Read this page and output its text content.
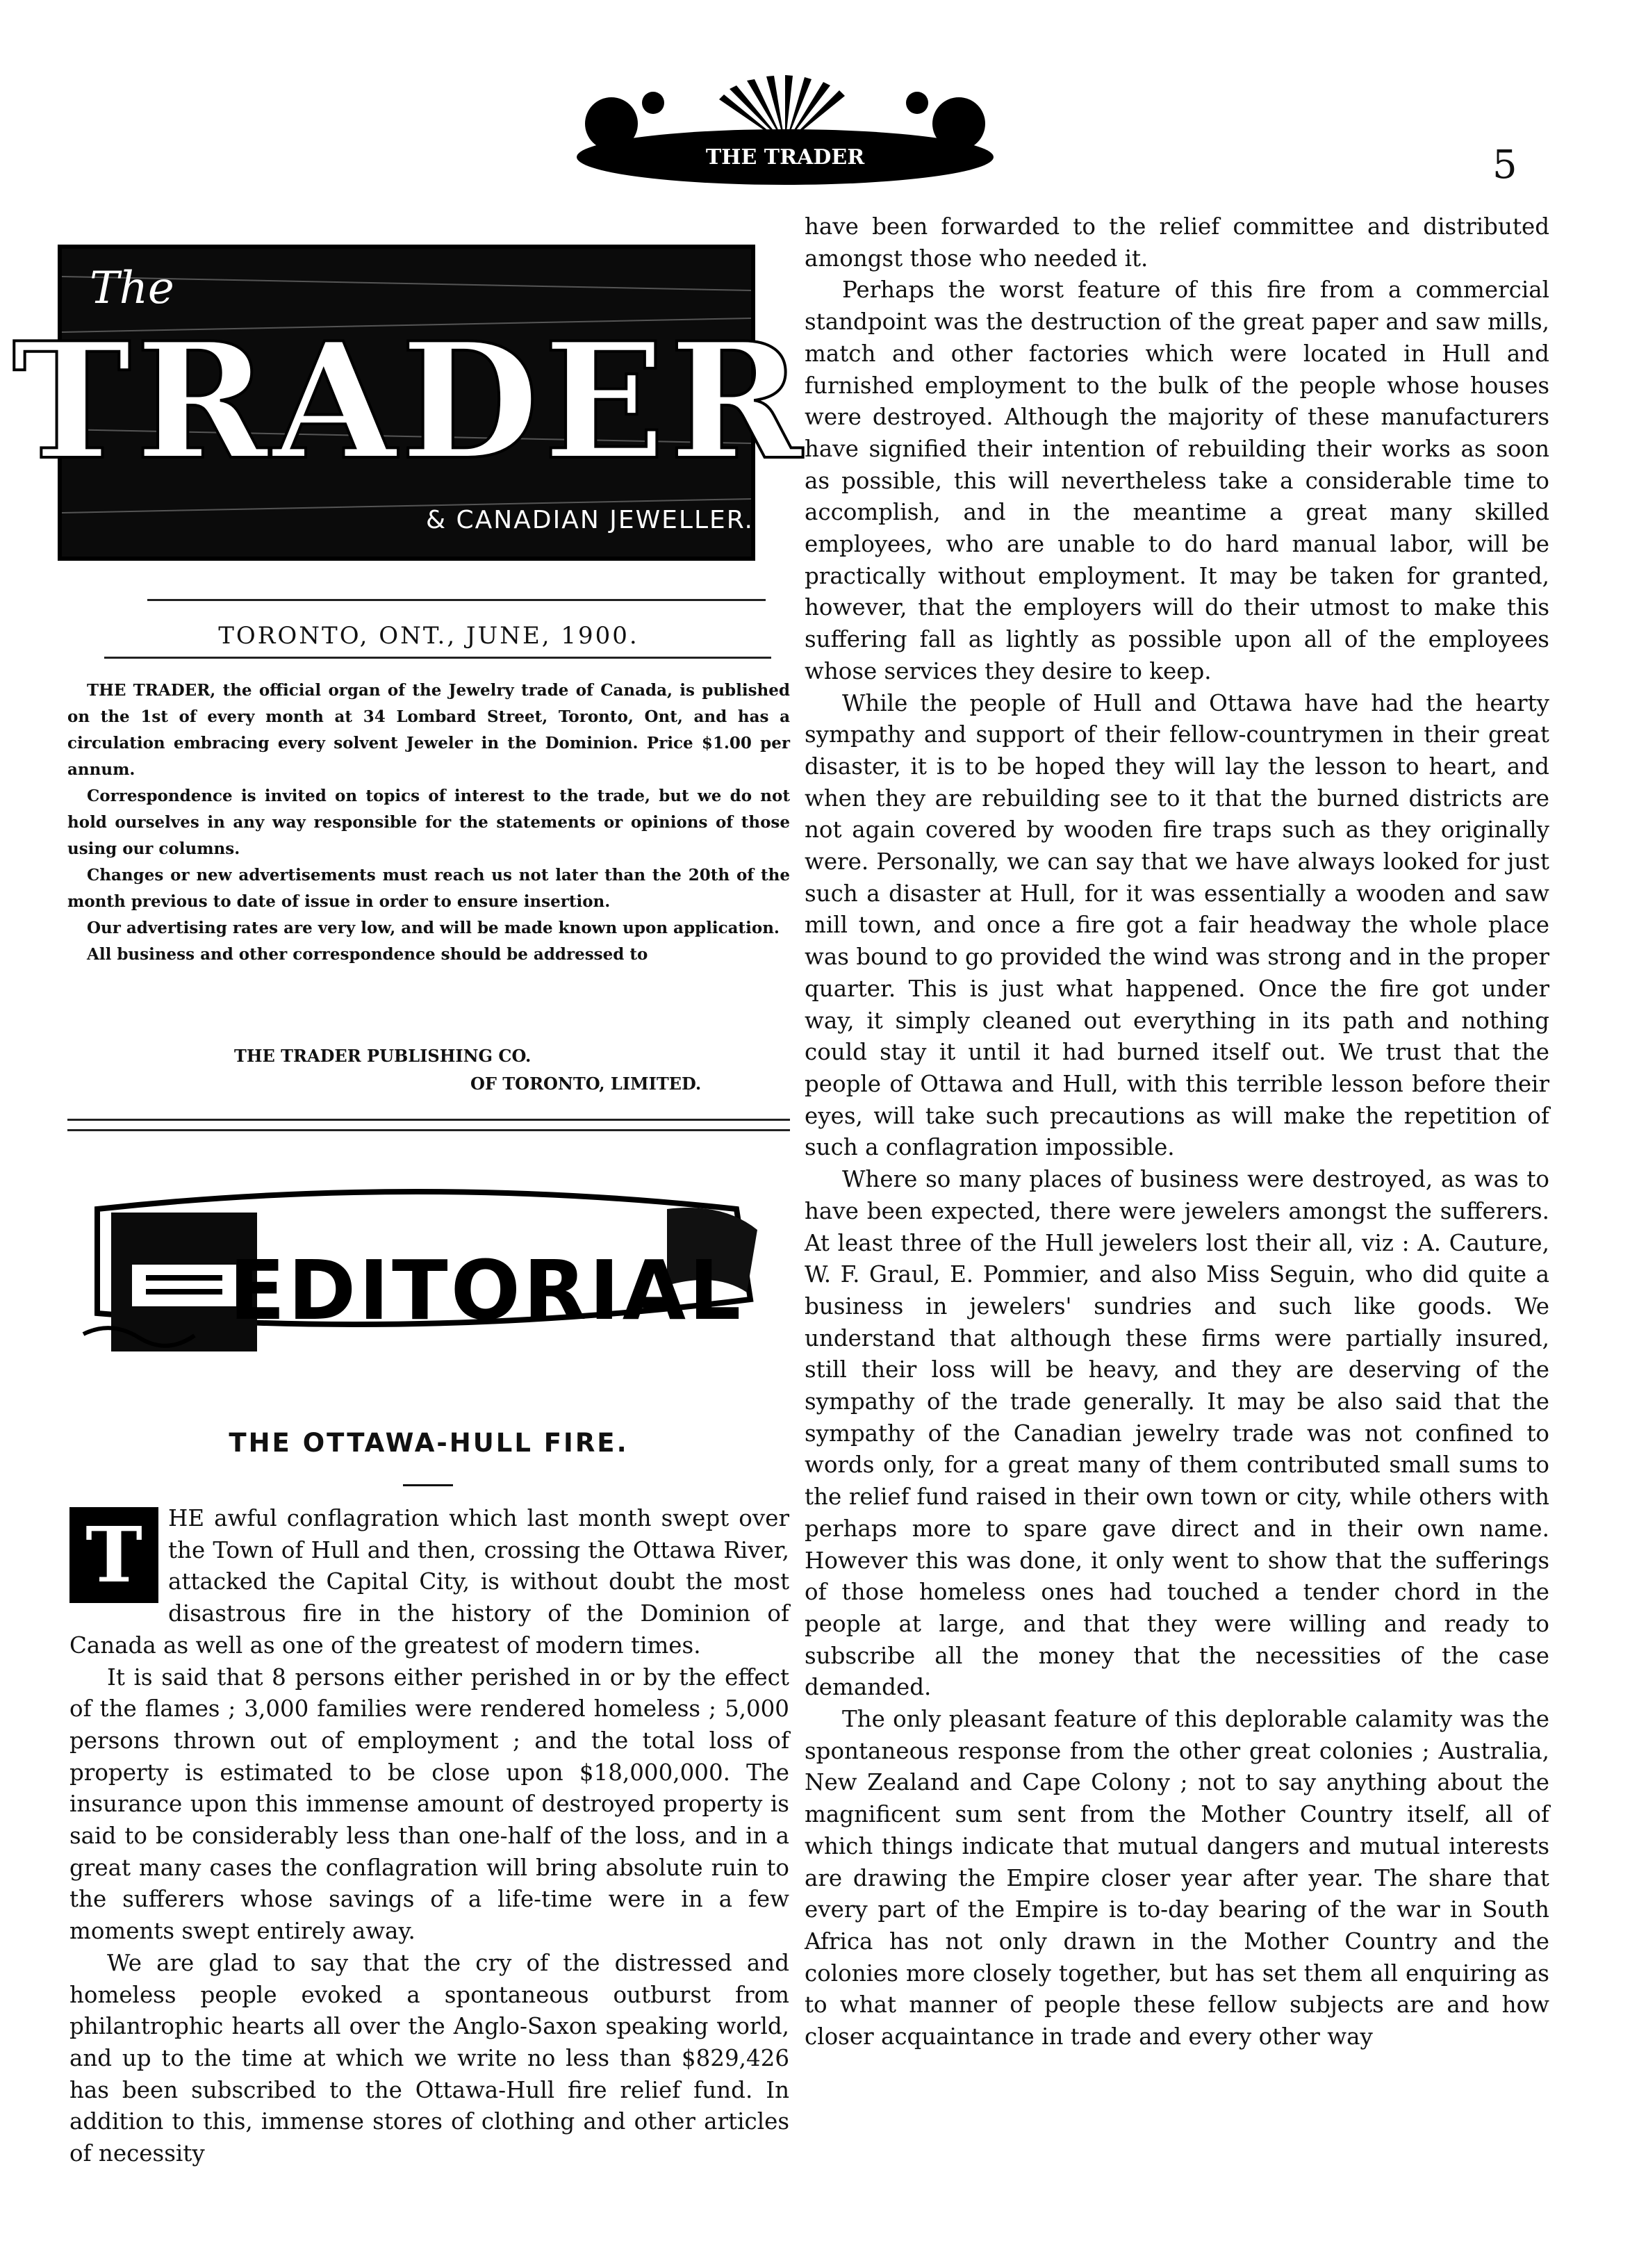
5
THE TRADER
The
TRADER
& CANADIAN JEWELLER.
TORONTO, ONT., JUNE, 1900.

THE TRADER, the official organ of the Jewelry trade of Canada, is published on the 1st of every month at 34 Lombard Street, Toronto, Ont, and has a circulation embracing every solvent Jeweler in the Dominion. Price $1.00 per annum.

Correspondence is invited on topics of interest to the trade, but we do not hold ourselves in any way responsible for the statements or opinions of those using our columns.

Changes or new advertisements must reach us not later than the 20th of the month previous to date of issue in order to ensure insertion.

Our advertising rates are very low, and will be made known upon application.

All business and other correspondence should be addressed to

THE TRADER PUBLISHING CO.
OF TORONTO, LIMITED.
EDITORIAL
THE OTTAWA-HULL FIRE.
T	HE awful conflagration which last month swept over the Town of Hull and then, crossing the Ottawa River, attacked the Capital City, is without doubt the most disastrous fire in the history of the Dominion of Canada as well as one of the greatest of modern times.

It is said that 8 persons either perished in or by the effect of the flames ; 3,000 families were rendered homeless ; 5,000 persons thrown out of employment ; and the total loss of property is estimated to be close upon $18,000,000. The insurance upon this immense amount of destroyed property is said to be considerably less than one-half of the loss, and in a great many cases the conflagration will bring absolute ruin to the sufferers whose savings of a life-time were in a few moments swept entirely away.

We are glad to say that the cry of the distressed and homeless people evoked a spontaneous outburst from philantrophic hearts all over the Anglo-Saxon speaking world, and up to the time at which we write no less than $829,426 has been subscribed to the Ottawa-Hull fire relief fund. In addition to this, immense stores of clothing and other articles of necessity

have been forwarded to the relief committee and distributed amongst those who needed it.

Perhaps the worst feature of this fire from a commercial standpoint was the destruction of the great paper and saw mills, match and other factories which were located in Hull and furnished employment to the bulk of the people whose houses were destroyed. Although the majority of these manufacturers have signified their intention of rebuilding their works as soon as possible, this will nevertheless take a considerable time to accomplish, and in the meantime a great many skilled employees, who are unable to do hard manual labor, will be practically without employment. It may be taken for granted, however, that the employers will do their utmost to make this suffering fall as lightly as possible upon all of the employees whose services they desire to keep.

While the people of Hull and Ottawa have had the hearty sympathy and support of their fellow-countrymen in their great disaster, it is to be hoped they will lay the lesson to heart, and when they are rebuilding see to it that the burned districts are not again covered by wooden fire traps such as they originally were. Personally, we can say that we have always looked for just such a disaster at Hull, for it was essentially a wooden and saw mill town, and once a fire got a fair headway the whole place was bound to go provided the wind was strong and in the proper quarter. This is just what happened. Once the fire got under way, it simply cleaned out everything in its path and nothing could stay it until it had burned itself out. We trust that the people of Ottawa and Hull, with this terrible lesson before their eyes, will take such precautions as will make the repetition of such a conflagration impossible.

Where so many places of business were destroyed, as was to have been expected, there were jewelers amongst the sufferers. At least three of the Hull jewelers lost their all, viz : A. Cauture, W. F. Graul, E. Pommier, and also Miss Seguin, who did quite a business in jewelers' sundries and such like goods. We understand that although these firms were partially insured, still their loss will be heavy, and they are deserving of the sympathy of the trade generally. It may be also said that the sympathy of the Canadian jewelry trade was not confined to words only, for a great many of them contributed small sums to the relief fund raised in their own town or city, while others with perhaps more to spare gave direct and in their own name. However this was done, it only went to show that the sufferings of those homeless ones had touched a tender chord in the people at large, and that they were willing and ready to subscribe all the money that the necessities of the case demanded.

The only pleasant feature of this deplorable calamity was the spontaneous response from the other great colonies ; Australia, New Zealand and Cape Colony ; not to say anything about the magnificent sum sent from the Mother Country itself, all of which things indicate that mutual dangers and mutual interests are drawing the Empire closer year after year. The share that every part of the Empire is to-day bearing of the war in South Africa has not only drawn in the Mother Country and the colonies more closely together, but has set them all enquiring as to what manner of people these fellow subjects are and how closer acquaintance in trade and every other way
